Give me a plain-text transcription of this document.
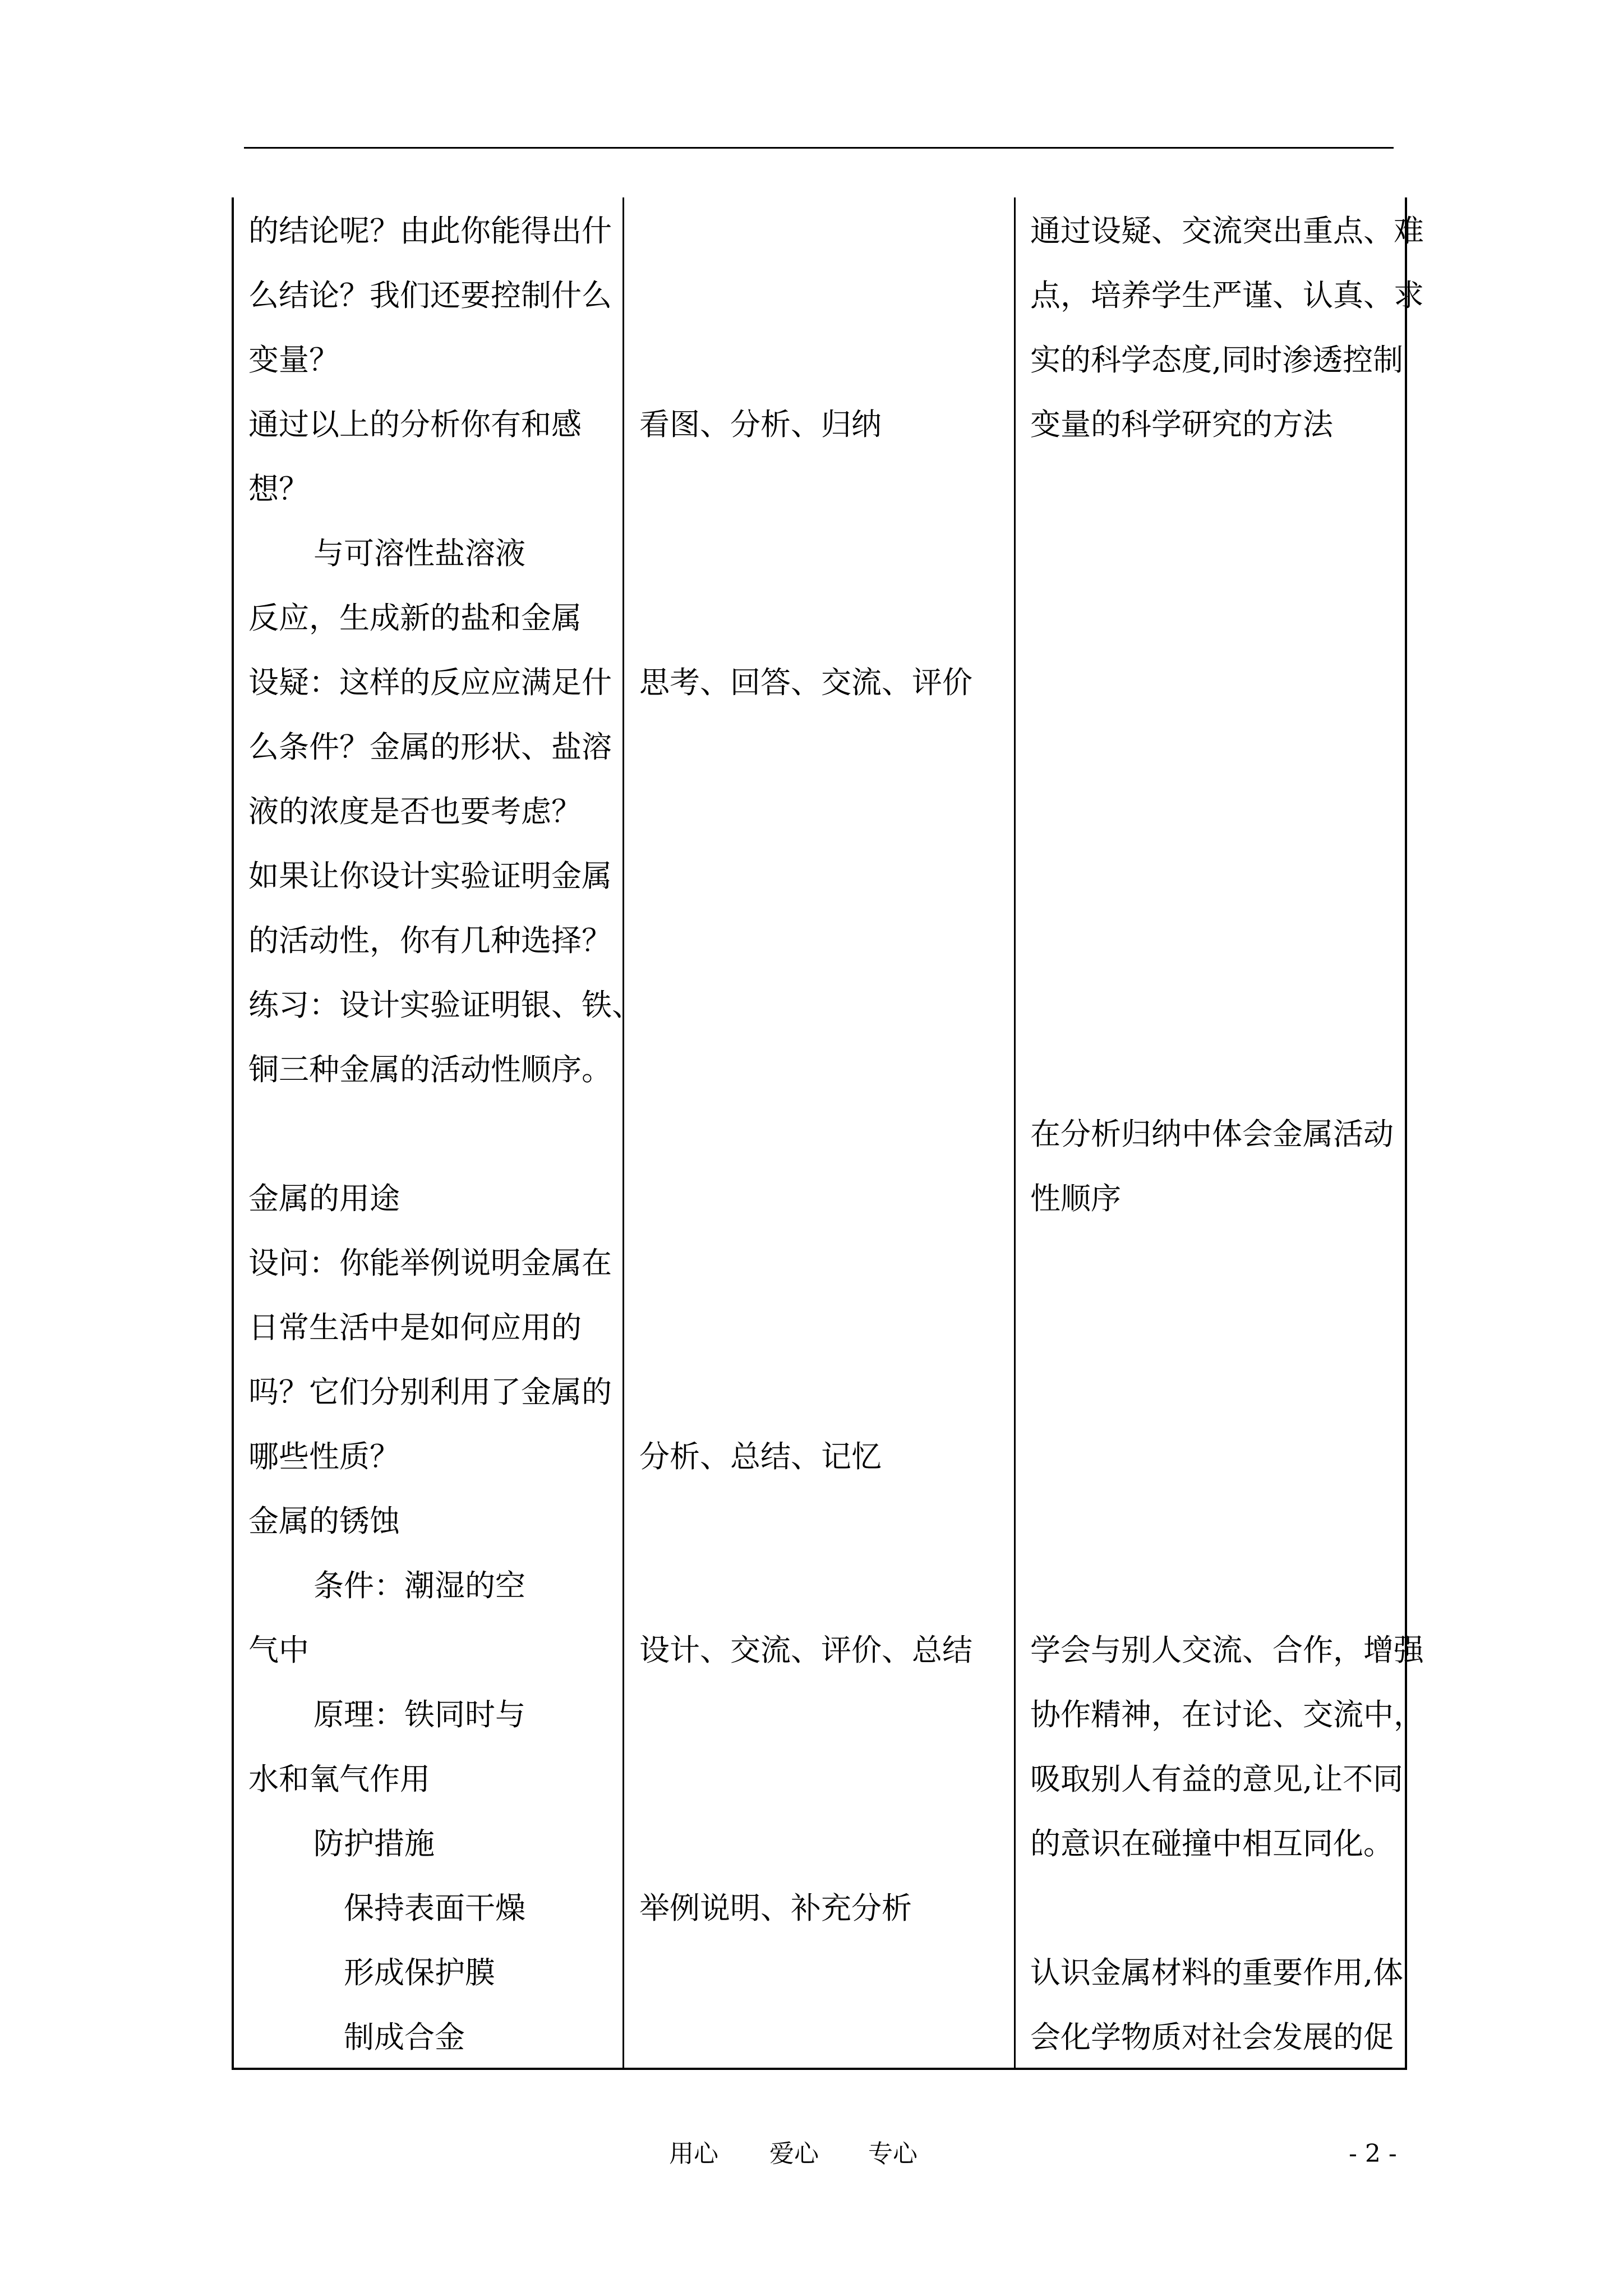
的结论呢？由此你能得出什
么结论？我们还要控制什么
变量？
通过以上的分析你有和感
想？
与可溶性盐溶液
反应，生成新的盐和金属
设疑：这样的反应应满足什
么条件？金属的形状、盐溶
液的浓度是否也要考虑？
如果让你设计实验证明金属
的活动性，你有几种选择？
练习：设计实验证明银、铁、
铜三种金属的活动性顺序。
金属的用途
设问：你能举例说明金属在
日常生活中是如何应用的
吗？它们分别利用了金属的
哪些性质？
金属的锈蚀
条件：潮湿的空
气中
原理：铁同时与
水和氧气作用
防护措施
保持表面干燥
形成保护膜
制成合金
看图、分析、归纳
思考、回答、交流、评价
分析、总结、记忆
设计、交流、评价、总结
举例说明、补充分析
通过设疑、交流突出重点、难
点，培养学生严谨、认真、求
实的科学态度,同时渗透控制
变量的科学研究的方法
在分析归纳中体会金属活动
性顺序
学会与别人交流、合作，增强
协作精神，在讨论、交流中，
吸取别人有益的意见,让不同
的意识在碰撞中相互同化。
认识金属材料的重要作用,体
会化学物质对社会发展的促
用心 爱心 专心	- 2 -
